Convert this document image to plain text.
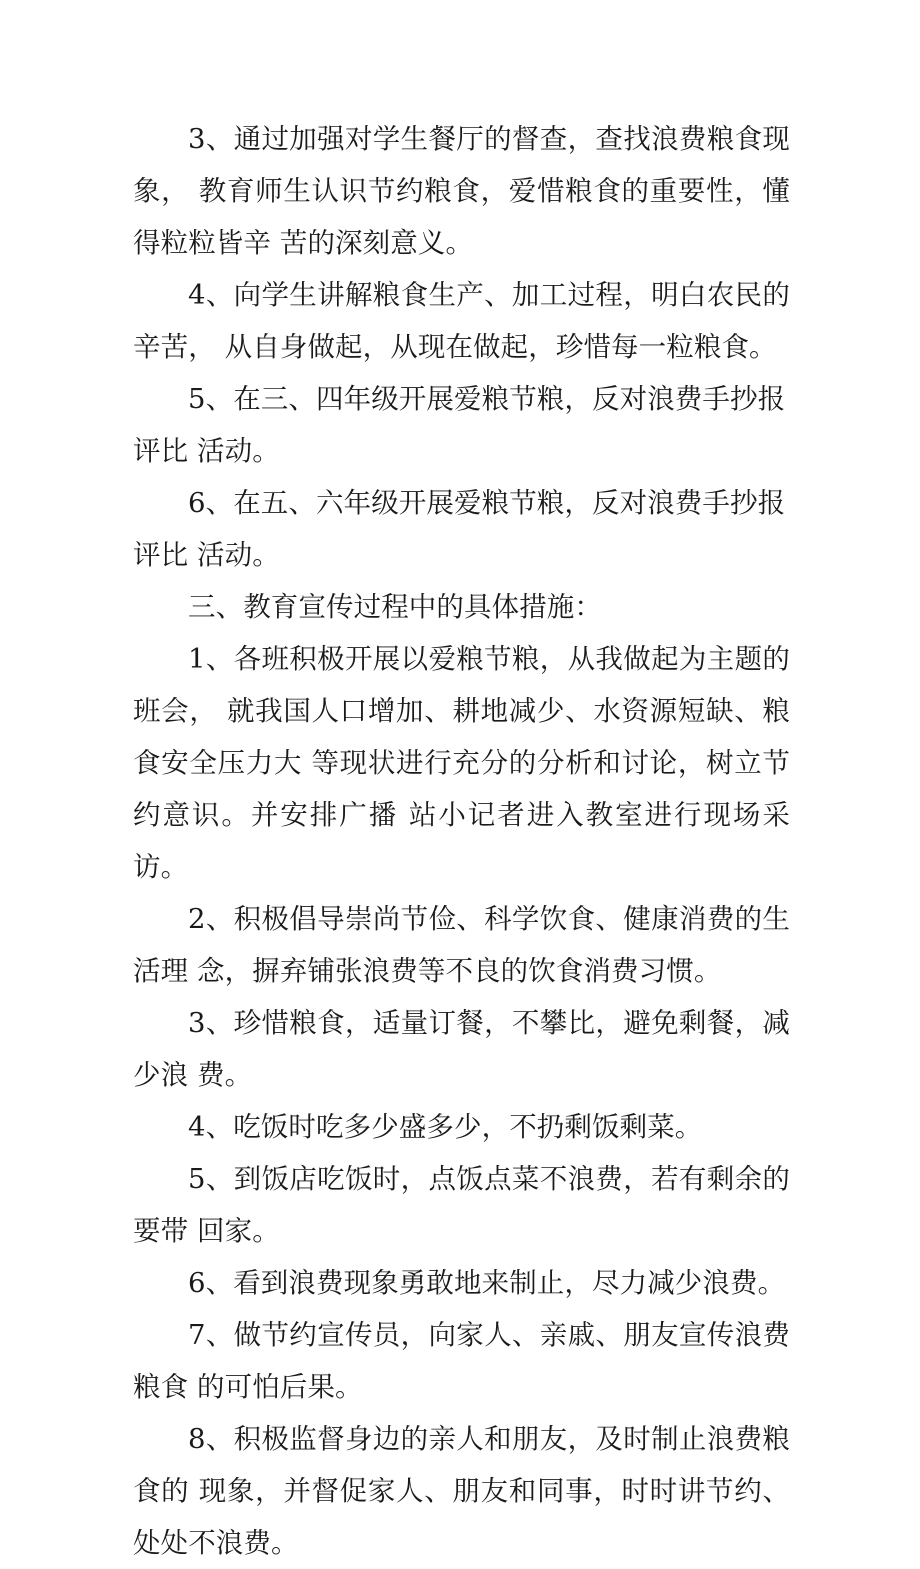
3、通过加强对学生餐厅的督查，查找浪费粮食现象， 教育师生认识节约粮食，爱惜粮食的重要性，懂得粒粒皆辛 苦的深刻意义。

4、向学生讲解粮食生产、加工过程，明白农民的辛苦， 从自身做起，从现在做起，珍惜每一粒粮食。

5、在三、四年级开展爱粮节粮，反对浪费手抄报评比 活动。

6、在五、六年级开展爱粮节粮，反对浪费手抄报评比 活动。

三、教育宣传过程中的具体措施：

1、各班积极开展以爱粮节粮，从我做起为主题的班会， 就我国人口增加、耕地减少、水资源短缺、粮食安全压力大 等现状进行充分的分析和讨论，树立节约意识。并安排广播 站小记者进入教室进行现场采访。

2、积极倡导崇尚节俭、科学饮食、健康消费的生活理 念，摒弃铺张浪费等不良的饮食消费习惯。

3、珍惜粮食，适量订餐，不攀比，避免剩餐，减少浪 费。

4、吃饭时吃多少盛多少，不扔剩饭剩菜。

5、到饭店吃饭时，点饭点菜不浪费，若有剩余的要带 回家。

6、看到浪费现象勇敢地来制止，尽力减少浪费。

7、做节约宣传员，向家人、亲戚、朋友宣传浪费粮食 的可怕后果。

8、积极监督身边的亲人和朋友，及时制止浪费粮食的 现象，并督促家人、朋友和同事，时时讲节约、处处不浪费。
